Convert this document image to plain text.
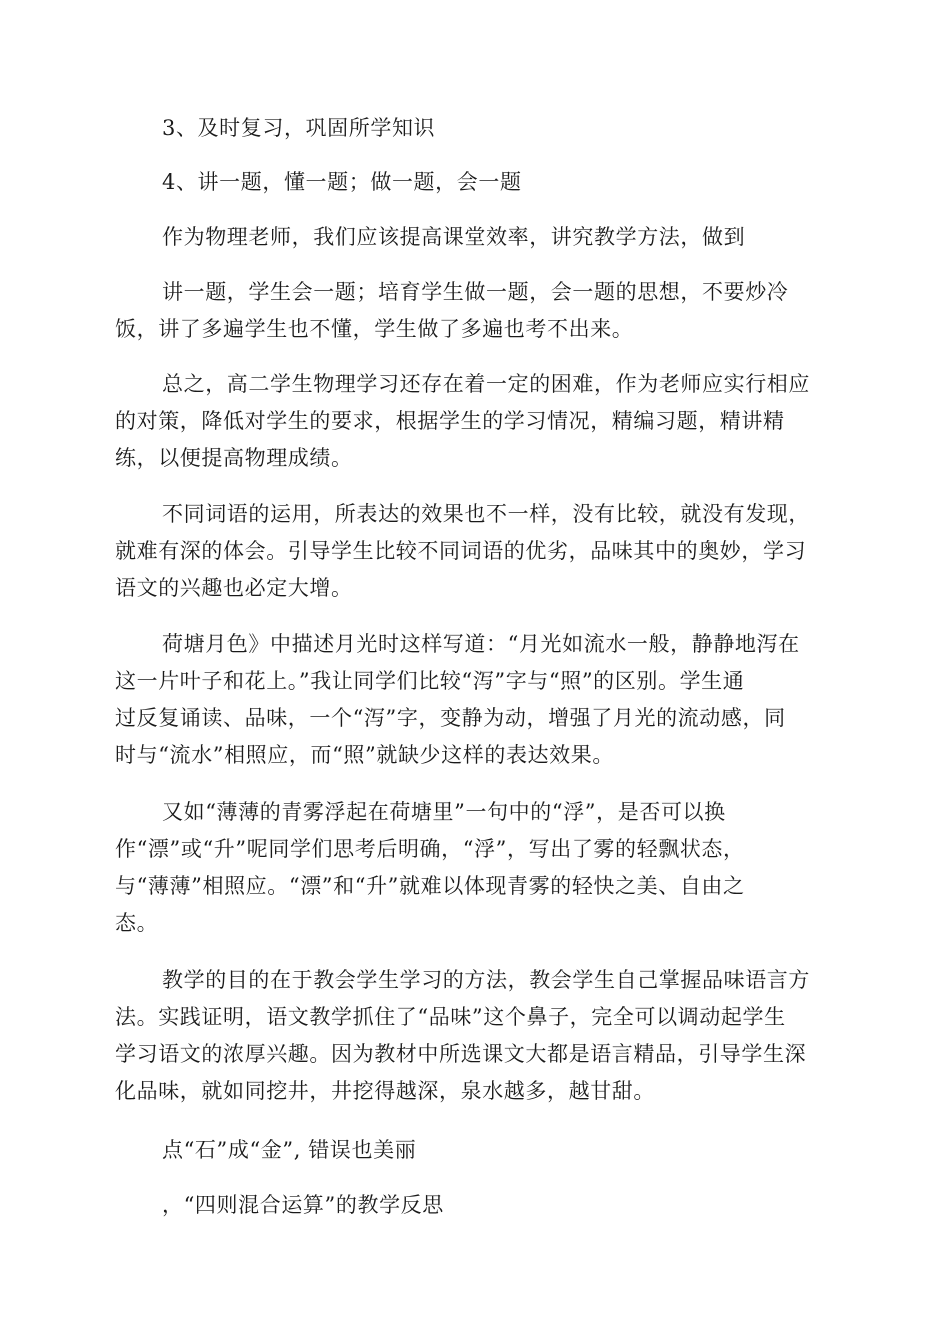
3、及时复习，巩固所学知识

4、讲一题，懂一题；做一题，会一题

作为物理老师，我们应该提高课堂效率，讲究教学方法，做到

讲一题，学生会一题；培育学生做一题，会一题的思想，不要炒冷
饭，讲了多遍学生也不懂，学生做了多遍也考不出来。

总之，高二学生物理学习还存在着一定的困难，作为老师应实行相应
的对策，降低对学生的要求，根据学生的学习情况，精编习题，精讲精
练，以便提高物理成绩。

不同词语的运用，所表达的效果也不一样，没有比较，就没有发现，
就难有深的体会。引导学生比较不同词语的优劣，品味其中的奥妙，学习
语文的兴趣也必定大增。

荷塘月色》中描述月光时这样写道：“月光如流水一般，静静地泻在
这一片叶子和花上。”我让同学们比较“泻”字与“照”的区别。学生通
过反复诵读、品味，一个“泻”字，变静为动，增强了月光的流动感，同
时与“流水”相照应，而“照”就缺少这样的表达效果。

又如“薄薄的青雾浮起在荷塘里”一句中的“浮”，是否可以换
作“漂”或“升”呢同学们思考后明确，“浮”，写出了雾的轻飘状态，
与“薄薄”相照应。“漂”和“升”就难以体现青雾的轻快之美、自由之
态。

教学的目的在于教会学生学习的方法，教会学生自己掌握品味语言方
法。实践证明，语文教学抓住了“品味”这个鼻子，完全可以调动起学生
学习语文的浓厚兴趣。因为教材中所选课文大都是语言精品，引导学生深
化品味，就如同挖井，井挖得越深，泉水越多，越甘甜。

点“石”成“金”, 错误也美丽

，“四则混合运算”的教学反思
